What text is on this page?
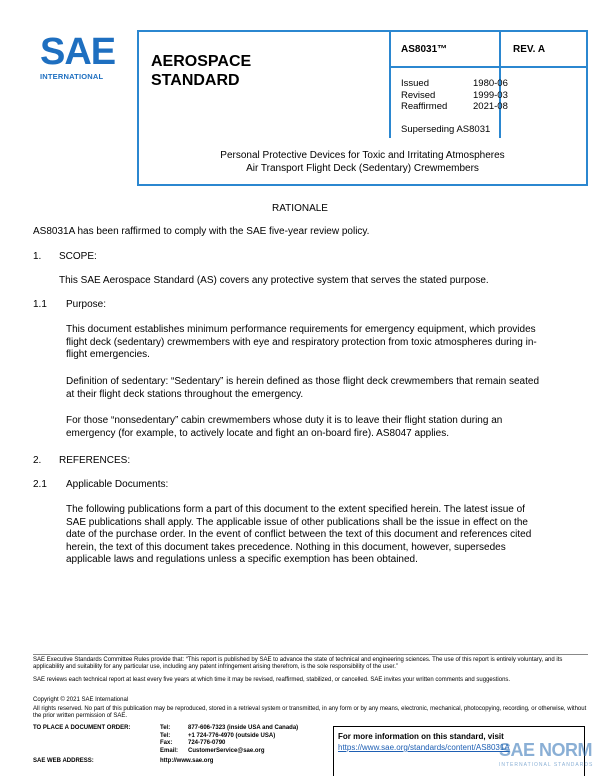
SAE
INTERNATIONAL
AEROSPACE
STANDARD
AS8031™	REV. A
Issued	1980-06
Revised	1999-03
Reaffirmed	2021-08
Superseding AS8031
Personal Protective Devices for Toxic and Irritating Atmospheres
Air Transport Flight Deck (Sedentary) Crewmembers
RATIONALE
AS8031A has been raffirmed to comply with the SAE five-year review policy.
1. SCOPE:
This SAE Aerospace Standard (AS) covers any protective system that serves the stated purpose.
1.1 Purpose:
This document establishes minimum performance requirements for emergency equipment, which provides flight deck (sedentary) crewmembers with eye and respiratory protection from toxic atmospheres during in-flight emergencies.
Definition of sedentary: “Sedentary” is herein defined as those flight deck crewmembers that remain seated at their flight deck stations throughout the emergency.
For those “nonsedentary” cabin crewmembers whose duty it is to leave their flight station during an emergency (for example, to actively locate and fight an on-board fire). AS8047 applies.
2. REFERENCES:
2.1 Applicable Documents:
The following publications form a part of this document to the extent specified herein. The latest issue of SAE publications shall apply. The applicable issue of other publications shall be the issue in effect on the date of the purchase order. In the event of conflict between the text of this document and references cited herein, the text of this document takes precedence. Nothing in this document, however, supersedes applicable laws and regulations unless a specific exemption has been obtained.
SAE Executive Standards Committee Rules provide that: “This report is published by SAE to advance the state of technical and engineering sciences. The use of this report is entirely voluntary, and its applicability and suitability for any particular use, including any patent infringement arising therefrom, is the sole responsibility of the user.”
SAE reviews each technical report at least every five years at which time it may be revised, reaffirmed, stabilized, or cancelled. SAE invites your written comments and suggestions.
Copyright © 2021 SAE International
All rights reserved. No part of this publication may be reproduced, stored in a retrieval system or transmitted, in any form or by any means, electronic, mechanical, photocopying, recording, or otherwise, without the prior written permission of SAE.
TO PLACE A DOCUMENT ORDER:	Tel:	877-606-7323 (inside USA and Canada)
Tel:	+1 724-776-4970 (outside USA)
Fax:	724-776-0790
Email: CustomerService@sae.org
SAE WEB ADDRESS:	http://www.sae.org
For more information on this standard, visit
https://www.sae.org/standards/content/AS8031A
SAE NORM
INTERNATIONAL STANDARDS
